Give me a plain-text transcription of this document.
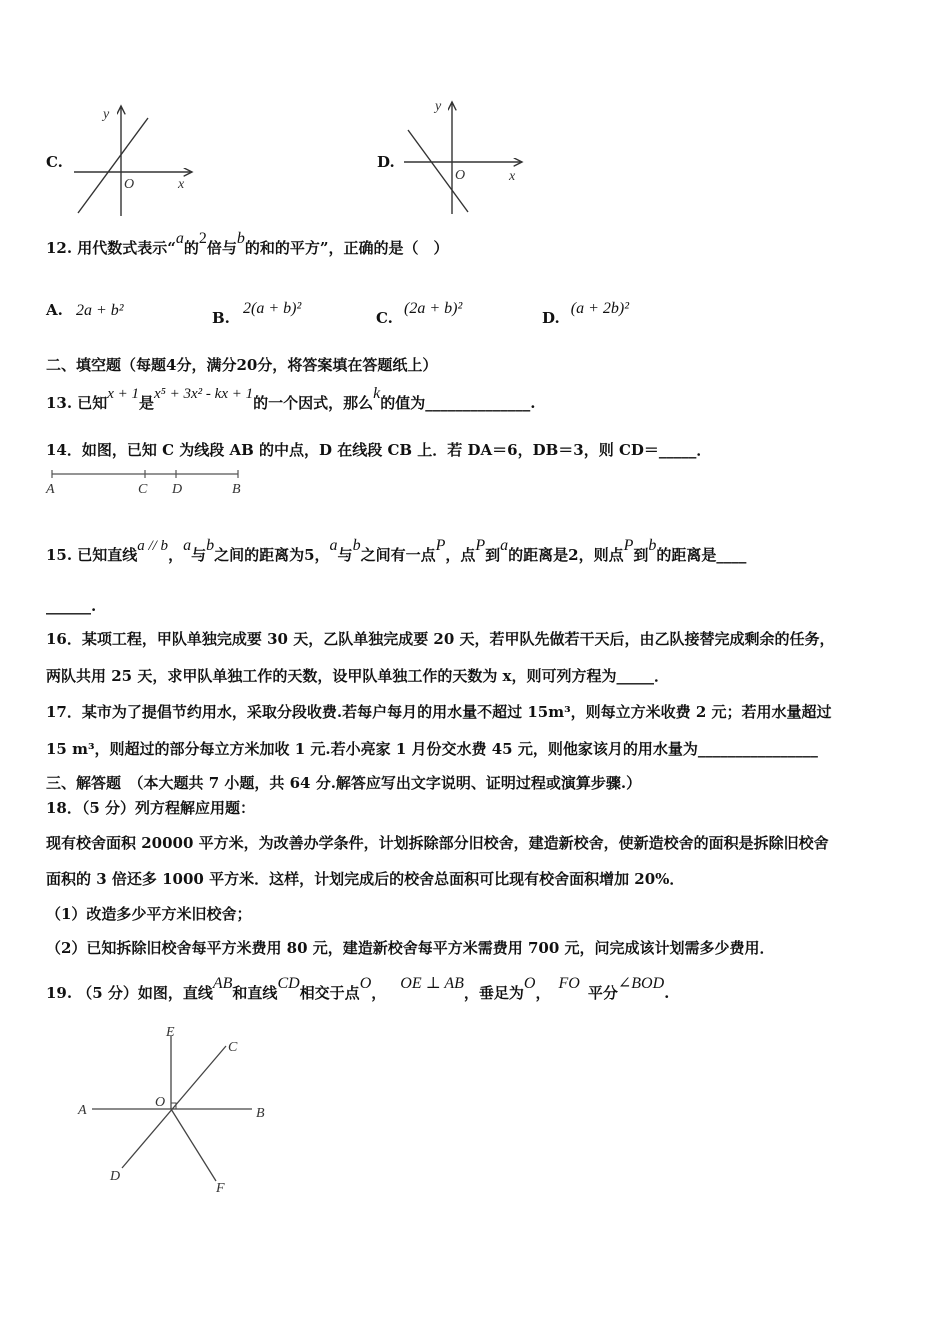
C.
y
x
O
D.
y
x
O
12. 用代数式表示“a的2倍与b的和的平方”，正确的是（　）
A. 2a + b²	B. 2(a + b)²
C. (2a + b)²
D. (a + 2b)²
二、填空题（每题4分，满分20分，将答案填在答题纸上）
13. 已知x + 1是x⁵ + 3x² - kx + 1的一个因式，那么k的值为______________.
14．如图，已知 C 为线段 AB 的中点，D 在线段 CB 上．若 DA＝6，DB＝3，则 CD＝_____．
A	C D	B
15. 已知直线a // b，a与b之间的距离为5，a与b之间有一点P，点P到a的距离是2，则点P到b的距离是____
______.
16．某项工程，甲队单独完成要 30 天，乙队单独完成要 20 天，若甲队先做若干天后，由乙队接替完成剩余的任务，
两队共用 25 天，求甲队单独工作的天数，设甲队单独工作的天数为 x，则可列方程为_____．
17．某市为了提倡节约用水，采取分段收费.若每户每月的用水量不超过 15m³，则每立方米收费 2 元；若用水量超过
15 m³，则超过的部分每立方米加收 1 元.若小亮家 1 月份交水费 45 元，则他家该月的用水量为________________
三、解答题　（本大题共 7 小题，共 64 分.解答应写出文字说明、证明过程或演算步骤.）
18．（5 分）列方程解应用题：
现有校舍面积 20000 平方米，为改善办学条件，计划拆除部分旧校舍，建造新校舍，使新造校舍的面积是拆除旧校舍
面积的 3 倍还多 1000 平方米．这样，计划完成后的校舍总面积可比现有校舍面积增加 20%．
（1）改造多少平方米旧校舍；
（2）已知拆除旧校舍每平方米费用 80 元，建造新校舍每平方米需费用 700 元，问完成该计划需多少费用．
19. （5 分）如图，直线AB和直线CD相交于点O，OE ⊥ AB，垂足为O，FO平分∠BOD.
E
C
A
O
B
D
F
